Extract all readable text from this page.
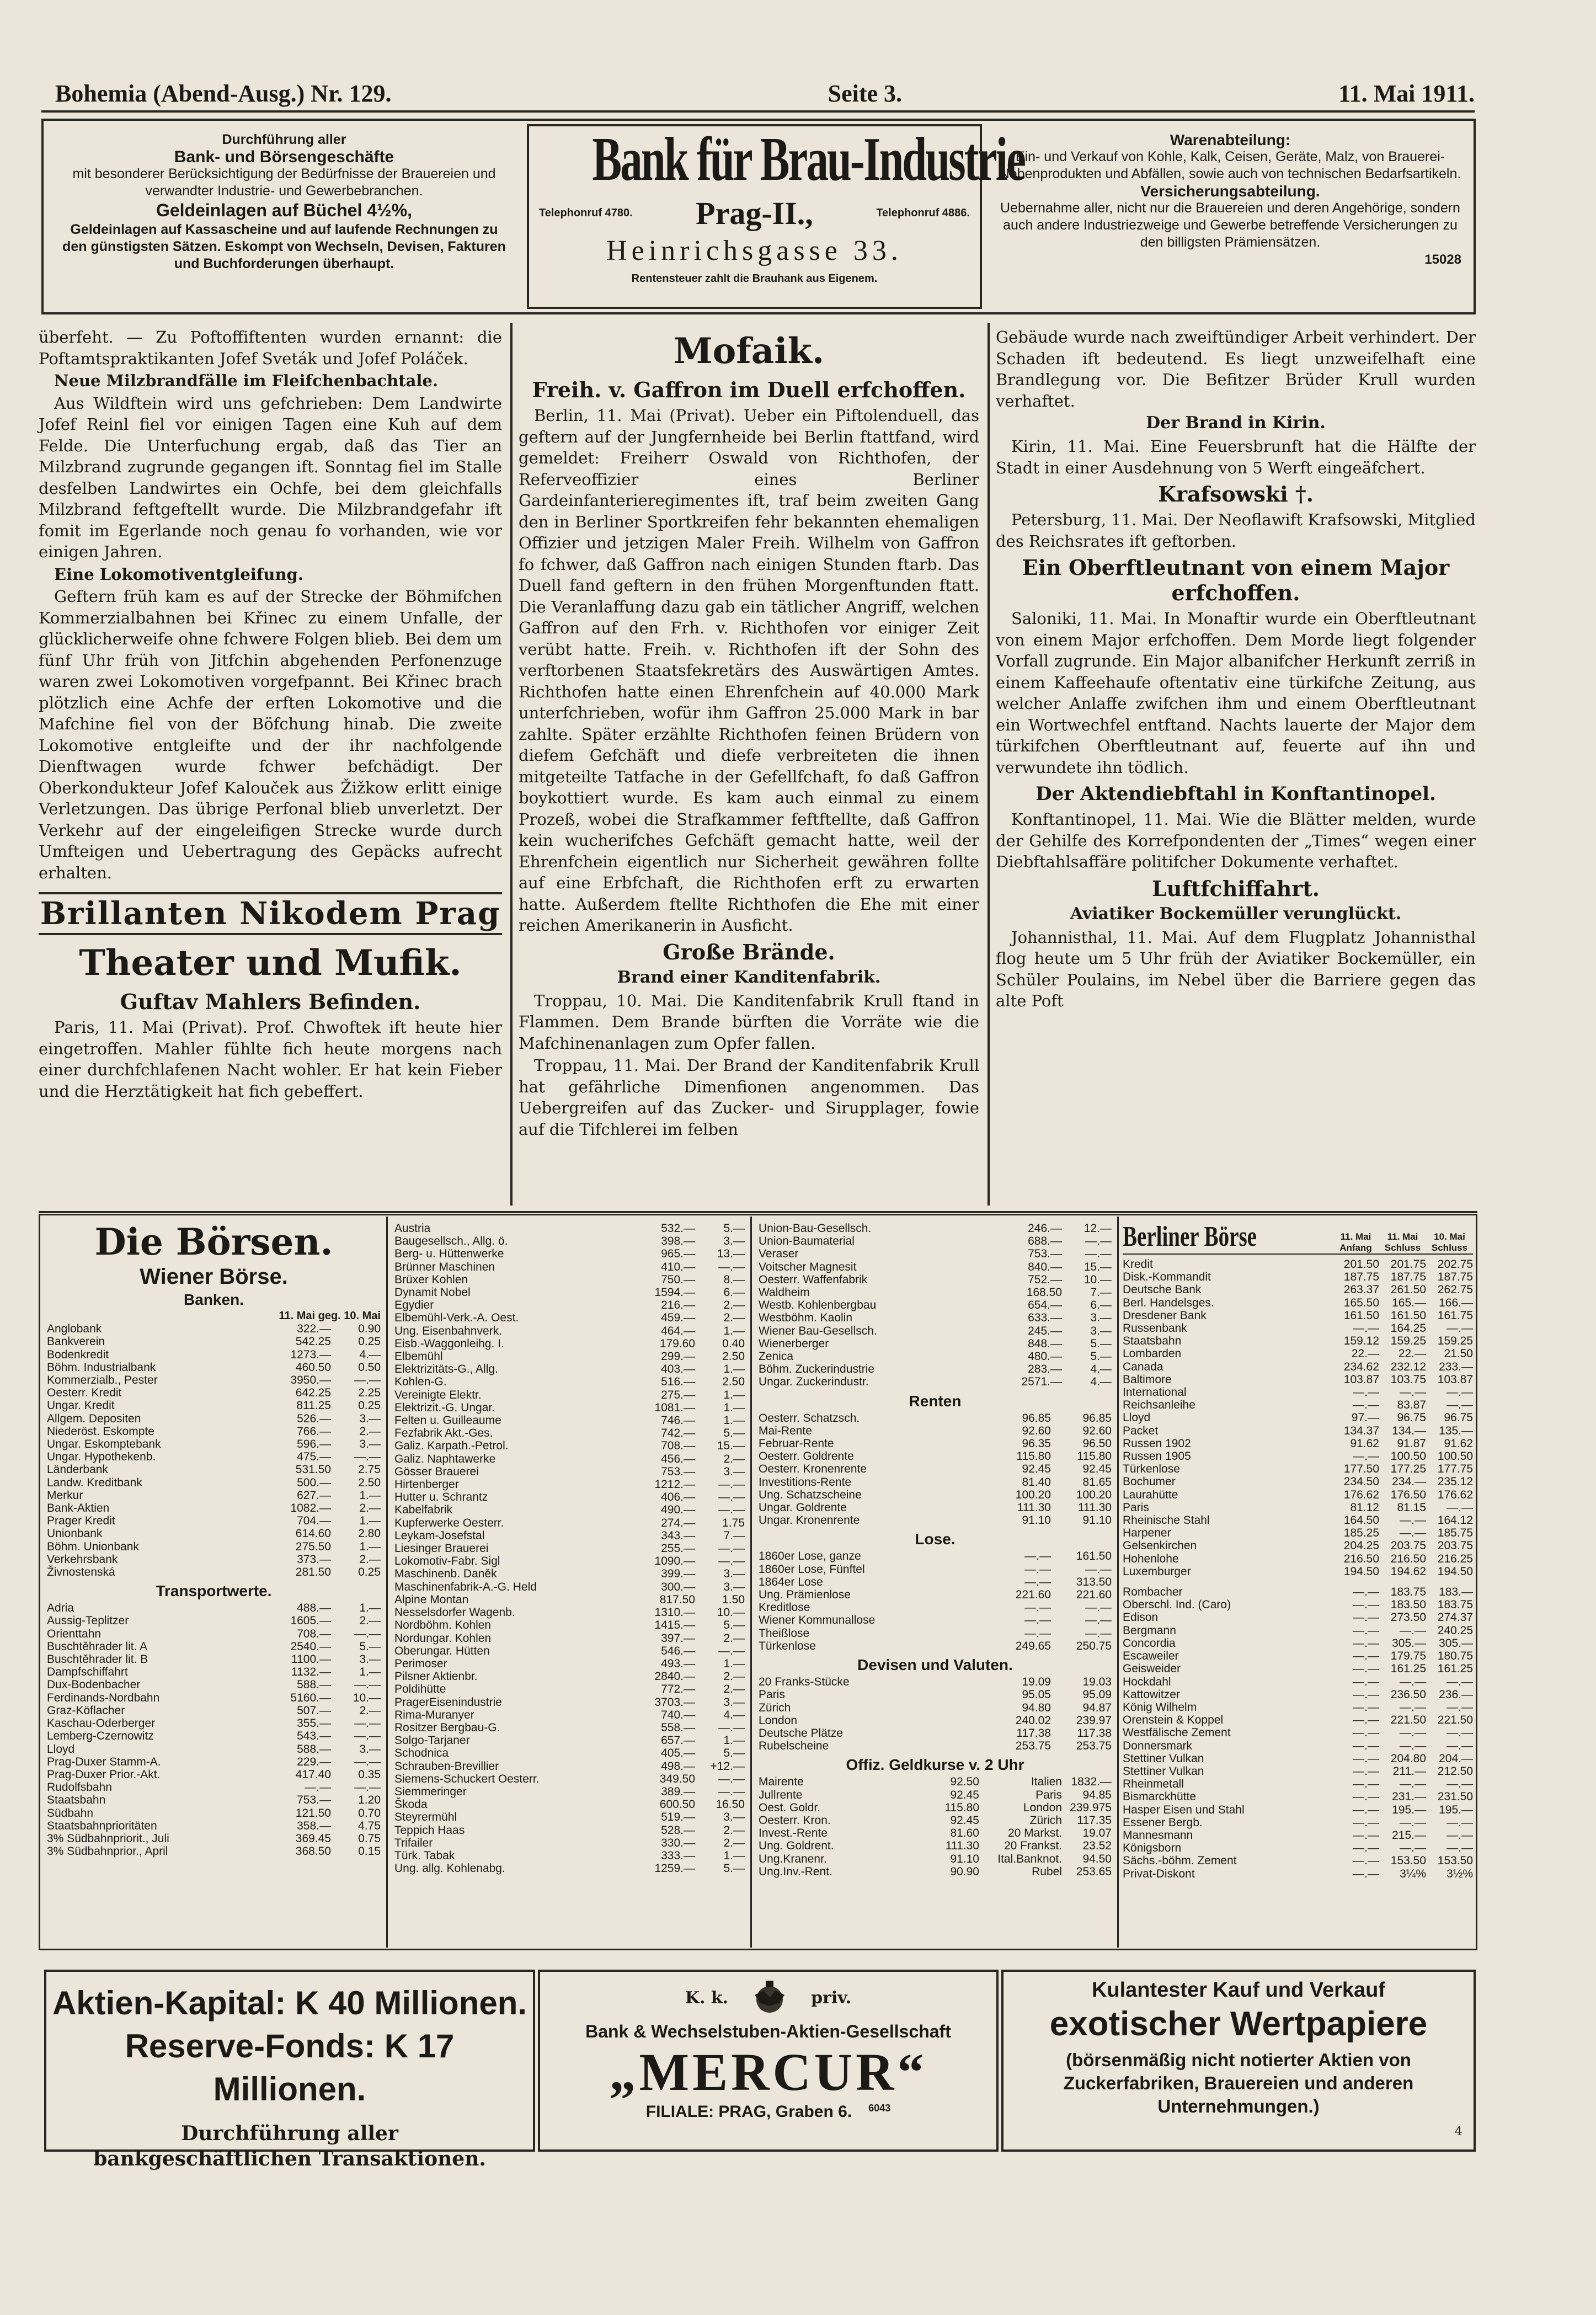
Bohemia (Abend-Ausg.) Nr. 129.	Seite 3.	11. Mai 1911.
Durchführung aller
Bank- und Börsengeschäfte
mit besonderer Berücksichtigung der Bedürfnisse der Brauereien und verwandter Industrie- und Gewerbebranchen.
Geldeinlagen auf Büchel 4½%,
Geldeinlagen auf Kassascheine und auf laufende Rechnungen zu den günstigsten Sätzen. Eskompt von Wechseln, Devisen, Fakturen und Buchforderungen überhaupt.
Bank für Brau-Industrie
Telephonruf 4780. Prag-II.,	Telephonruf 4886.
Heinrichsgasse 33.
Rentensteuer zahlt die Brauhank aus Eigenem.
Warenabteilung:
Ein- und Verkauf von Kohle, Kalk, Ceisen, Geräte, Malz, von Brauerei-Nebenprodukten und Abfällen, sowie auch von technischen Bedarfsartikeln.
Versicherungsabteilung.
Uebernahme aller, nicht nur die Brauereien und deren Angehörige, sondern auch andere Industriezweige und Gewerbe betreffende Versicherungen zu den billigsten Prämiensätzen.
15028

überfeht. — Zu Poftoffiftenten wurden ernannt: die Poftamtspraktikanten Jofef Sveták und Jofef Poláček.

Neue Milzbrandfälle im Fleifchenbachtale.

Aus Wildftein wird uns gefchrieben: Dem Landwirte Jofef Reinl fiel vor einigen Tagen eine Kuh auf dem Felde. Die Unterfuchung ergab, daß das Tier an Milzbrand zugrunde gegangen ift. Sonntag fiel im Stalle desfelben Landwirtes ein Ochfe, bei dem gleichfalls Milzbrand feftgeftellt wurde. Die Milzbrandgefahr ift fomit im Egerlande noch genau fo vorhanden, wie vor einigen Jahren.

Eine Lokomotiventgleifung.

Geftern früh kam es auf der Strecke der Böhmifchen Kommerzialbahnen bei Křinec zu einem Unfalle, der glücklicherweife ohne fchwere Folgen blieb. Bei dem um fünf Uhr früh von Jitfchin abgehenden Perfonenzuge waren zwei Lokomotiven vorgefpannt. Bei Křinec brach plötzlich eine Achfe der erften Lokomotive und die Mafchine fiel von der Böfchung hinab. Die zweite Lokomotive entgleifte und der ihr nachfolgende Dienftwagen wurde fchwer befchädigt. Der Oberkondukteur Jofef Kalouček aus Žižkow erlitt einige Verletzungen. Das übrige Perfonal blieb unverletzt. Der Verkehr auf der eingeleifigen Strecke wurde durch Umfteigen und Uebertragung des Gepäcks aufrecht erhalten.

Brillanten Nikodem Prag
Theater und Mufik.
Guftav Mahlers Befinden.

Paris, 11. Mai (Privat). Prof. Chwoftek ift heute hier eingetroffen. Mahler fühlte fich heute morgens nach einer durchfchlafenen Nacht wohler. Er hat kein Fieber und die Herztätigkeit hat fich gebeffert.

Mofaik.
Freih. v. Gaffron im Duell erfchoffen.

Berlin, 11. Mai (Privat). Ueber ein Piftolenduell, das geftern auf der Jungfernheide bei Berlin ftattfand, wird gemeldet: Freiherr Oswald von Richthofen, der Referveoffizier eines Berliner Gardeinfanterieregimentes ift, traf beim zweiten Gang den in Berliner Sportkreifen fehr bekannten ehemaligen Offizier und jetzigen Maler Freih. Wilhelm von Gaffron fo fchwer, daß Gaffron nach einigen Stunden ftarb. Das Duell fand geftern in den frühen Morgenftunden ftatt. Die Veranlaffung dazu gab ein tätlicher Angriff, welchen Gaffron auf den Frh. v. Richthofen vor einiger Zeit verübt hatte. Freih. v. Richthofen ift der Sohn des verftorbenen Staatsfekretärs des Auswärtigen Amtes. Richthofen hatte einen Ehrenfchein auf 40.000 Mark unterfchrieben, wofür ihm Gaffron 25.000 Mark in bar zahlte. Später erzählte Richthofen feinen Brüdern von diefem Gefchäft und diefe verbreiteten die ihnen mitgeteilte Tatfache in der Gefellfchaft, fo daß Gaffron boykottiert wurde. Es kam auch einmal zu einem Prozeß, wobei die Strafkammer feftftellte, daß Gaffron kein wucherifches Gefchäft gemacht hatte, weil der Ehrenfchein eigentlich nur Sicherheit gewähren follte auf eine Erbfchaft, die Richthofen erft zu erwarten hatte. Außerdem ftellte Richthofen die Ehe mit einer reichen Amerikanerin in Ausficht.

Große Brände.
Brand einer Kanditenfabrik.

Troppau, 10. Mai. Die Kanditenfabrik Krull ftand in Flammen. Dem Brande bürften die Vorräte wie die Mafchinenanlagen zum Opfer fallen.

Troppau, 11. Mai. Der Brand der Kanditenfabrik Krull hat gefährliche Dimenfionen angenommen. Das Uebergreifen auf das Zucker- und Sirupplager, fowie auf die Tifchlerei im felben

Gebäude wurde nach zweiftündiger Arbeit verhindert. Der Schaden ift bedeutend. Es liegt unzweifelhaft eine Brandlegung vor. Die Befitzer Brüder Krull wurden verhaftet.

Der Brand in Kirin.

Kirin, 11. Mai. Eine Feuersbrunft hat die Hälfte der Stadt in einer Ausdehnung von 5 Werft eingeäfchert.

Krafsowski †.

Petersburg, 11. Mai. Der Neoflawift Krafsowski, Mitglied des Reichsrates ift geftorben.

Ein Oberftleutnant von einem Major erfchoffen.

Saloniki, 11. Mai. In Monaftir wurde ein Oberftleutnant von einem Major erfchoffen. Dem Morde liegt folgender Vorfall zugrunde. Ein Major albanifcher Herkunft zerriß in einem Kaffeehaufe oftentativ eine türkifche Zeitung, aus welcher Anlaffe zwifchen ihm und einem Oberftleutnant ein Wortwechfel entftand. Nachts lauerte der Major dem türkifchen Oberftleutnant auf, feuerte auf ihn und verwundete ihn tödlich.

Der Aktendiebftahl in Konftantinopel.

Konftantinopel, 11. Mai. Wie die Blätter melden, wurde der Gehilfe des Korrefpondenten der „Times“ wegen einer Diebftahlsaffäre politifcher Dokumente verhaftet.

Luftfchiffahrt.
Aviatiker Bockemüller verunglückt.

Johannisthal, 11. Mai. Auf dem Flugplatz Johannisthal flog heute um 5 Uhr früh der Aviatiker Bockemüller, ein Schüler Poulains, im Nebel über die Barriere gegen das alte Poft

Die Börsen.
Wiener Börse.
Banken.
11. Mai geg. 10. Mai
Anglobank	322.—	0.90
Bankverein	542.25	0.25
Bodenkredit	1273.—	4.—
Böhm. Industrialbank	460.50	0.50
Kommerzialb., Pester	3950.—	—.—
Oesterr. Kredit	642.25	2.25
Ungar. Kredit	811.25	0.25
Allgem. Depositen	526.—	3.—
Niederöst. Eskompte	766.—	2.—
Ungar. Eskomptebank	596.—	3.—
Ungar. Hypothekenb.	475.—	—.—
Länderbank	531.50	2.75
Landw. Kreditbank	500.—	2.50
Merkur	627.—	1.—
Bank-Aktien	1082.—	2.—
Prager Kredit	704.—	1.—
Unionbank	614.60	2.80
Böhm. Unionbank	275.50	1.—
Verkehrsbank	373.—	2.—
Živnostenská	281.50	0.25
Transportwerte.
Adria	488.—	1.—
Aussig-Teplitzer	1605.—	2.—
Orienttahn	708.—	—.—
Buschtěhrader lit. A	2540.—	5.—
Buschtěhrader lit. B	1100.—	3.—
Dampfschiffahrt	1132.—	1.—
Dux-Bodenbacher	588.—	—.—
Ferdinands-Nordbahn	5160.—	10.—
Graz-Köflacher	507.—	2.—
Kaschau-Oderberger	355.—	—.—
Lemberg-Czernowitz	543.—	—.—
Lloyd	588.—	3.—
Prag-Duxer Stamm-A.	229.—	—.—
Prag-Duxer Prior.-Akt.	417.40	0.35
Rudolfsbahn	—.—	—.—
Staatsbahn	753.—	1.20
Südbahn	121.50	0.70
Staatsbahnprioritäten	358.—	4.75
3% Südbahnpriorit., Juli	369.45	0.75
3% Südbahnprior., April	368.50	0.15
Austria	532.—	5.—
Baugesellsch., Allg. ö.	398.—	3.—
Berg- u. Hüttenwerke	965.—	13.—
Brünner Maschinen	410.—	—.—
Brüxer Kohlen	750.—	8.—
Dynamit Nobel	1594.—	6.—
Egydier	216.—	2.—
Elbemühl-Verk.-A. Oest.	459.—	2.—
Ung. Eisenbahnverk.	464.—	1.—
Eisb.-Waggonleihg. I.	179.60	0.40
Elbemühl	299.—	2.50
Elektrizitäts-G., Allg.	403.—	1.—
Kohlen-G.	516.—	2.50
Vereinigte Elektr.	275.—	1.—
Elektrizit.-G. Ungar.	1081.—	1.—
Felten u. Guilleaume	746.—	1.—
Fezfabrik Akt.-Ges.	742.—	5.—
Galiz. Karpath.-Petrol.	708.—	15.—
Galiz. Naphtawerke	456.—	2.—
Gösser Brauerei	753.—	3.—
Hirtenberger	1212.—	—.—
Hutter u. Schrantz	406.—	—.—
Kabelfabrik	490.—	—.—
Kupferwerke Oesterr.	274.—	1.75
Leykam-Josefstal	343.—	7.—
Liesinger Brauerei	255.—	—.—
Lokomotiv-Fabr. Sigl	1090.—	—.—
Maschinenb. Daněk	399.—	3.—
Maschinenfabrik-A.-G. Held	300.—	3.—
Alpine Montan	817.50	1.50
Nesselsdorfer Wagenb.	1310.—	10.—
Nordböhm. Kohlen	1415.—	5.—
Nordungar. Kohlen	397.—	2.—
Oberungar. Hütten	546.—	—.—
Perimoser	493.—	1.—
Pilsner Aktienbr.	2840.—	2.—
Poldihütte	772.—	2.—
PragerEisenindustrie	3703.—	3.—
Rima-Muranyer	740.—	4.—
Rositzer Bergbau-G.	558.—	—.—
Solgo-Tarjaner	657.—	1.—
Schodnica	405.—	5.—
Schrauben-Brevillier	498.—	+12.—
Siemens-Schuckert Oesterr.	349.50	—.—
Siemmeringer	389.—	—.—
Škoda	600.50	16.50
Steyrermühl	519.—	3.—
Teppich Haas	528.—	2.—
Trifailer	330.—	2.—
Türk. Tabak	333.—	1.—
Ung. allg. Kohlenabg.	1259.—	5.—
Union-Bau-Gesellsch.	246.—	12.—
Union-Baumaterial	688.—	—.—
Veraser	753.—	—.—
Voitscher Magnesit	840.—	15.—
Oesterr. Waffenfabrik	752.—	10.—
Waldheim	168.50	7.—
Westb. Kohlenbergbau	654.—	6.—
Westböhm. Kaolin	633.—	3.—
Wiener Bau-Gesellsch.	245.—	3.—
Wienerberger	848.—	5.—
Zenica	480.—	5.—
Böhm. Zuckerindustrie	283.—	4.—
Ungar. Zuckerindustr.	2571.—	4.—
Renten
Oesterr. Schatzsch.	96.85	96.85
Mai-Rente	92.60	92.60
Februar-Rente	96.35	96.50
Oesterr. Goldrente	115.80	115.80
Oesterr. Kronenrente	92.45	92.45
Investitions-Rente	81.40	81.65
Ung. Schatzscheine	100.20	100.20
Ungar. Goldrente	111.30	111.30
Ungar. Kronenrente	91.10	91.10
Lose.
1860er Lose, ganze	—.—	161.50
1860er Lose, Fünftel	—.—	—.—
1864er Lose	—.—	313.50
Ung. Prämienlose	221.60	221.60
Kreditlose	—.—	—.—
Wiener Kommunallose	—.—	—.—
Theißlose	—.—	—.—
Türkenlose	249.65	250.75
Devisen und Valuten.
20 Franks-Stücke	19.09	19.03
Paris	95.05	95.09
Zürich	94.80	94.87
London	240.02	239.97
Deutsche Plätze	117.38	117.38
Rubelscheine	253.75	253.75
Offiz. Geldkurse v. 2 Uhr
Mairente	92.50	Italien 1832.—
Jullrente	92.45	Paris	94.85
Oest. Goldr.	115.80	London 239.975
Oesterr. Kron.	92.45	Zürich	117.35
Invest.-Rente	81.60	20 Markst.	19.07
Ung. Goldrent.	111.30	20 Frankst.	23.52
Ung.Kranenr.	91.10	Ital.Banknot.	94.50
Ung.Inv.-Rent.	90.90	Rubel	253.65
Berliner Börse	11. Mai Anfang
11. Mai Schluss
10. Mai Schluss
Kredit	201.50 201.75 202.75
Disk.-Kommandit	187.75 187.75 187.75
Deutsche Bank	263.37 261.50 262.75
Berl. Handelsges.	165.50	165.—	166.—
Dresdener Bank	161.50 161.50 161.75
Russenbank	—.— 164.25	—.—
Staatsbahn	159.12 159.25 159.25
Lombarden	22.—	22.—	21.50
Canada	234.62 232.12	233.—
Baltimore	103.87 103.75 103.87
International	—.—	—.—	—.—
Reichsanleihe	—.—	83.87	—.—
Lloyd	97.—	96.75	96.75
Packet	134.37	134.—	135.—
Russen 1902	91.62	91.87	91.62
Russen 1905	—.— 100.50 100.50
Türkenlose	177.50 177.25 177.75
Bochumer	234.50	234.— 235.12
Laurahütte	176.62 176.50 176.62
Paris	81.12	81.15	—.—
Rheinische Stahl	164.50	—.— 164.12
Harpener	185.25	—.— 185.75
Gelsenkirchen	204.25 203.75 203.75
Hohenlohe	216.50 216.50 216.25
Luxemburger	194.50 194.62 194.50
Rombacher	—.— 183.75	183.—
Oberschl. Ind. (Caro)	—.— 183.50 183.75
Edison	—.— 273.50 274.37
Bergmann	—.—	—.— 240.25
Concordia	—.—	305.—	305.—
Escaweiler	—.— 179.75 180.75
Geisweider	—.— 161.25 161.25
Hockdahl	—.—	—.—	—.—
Kattowitzer	—.— 236.50	236.—
König Wilhelm	—.—	—.—	—.—
Orenstein & Koppel	—.— 221.50 221.50
Westfälische Zement	—.—	—.—	—.—
Donnersmark	—.—	—.—	—.—
Stettiner Vulkan	—.— 204.80	204.—
Stettiner Vulkan	—.—	211.— 212.50
Rheinmetall	—.—	—.—	—.—
Bismarckhütte	—.—	231.— 231.50
Hasper Eisen und Stahl	—.—	195.—	195.—
Essener Bergb.	—.—	—.—	—.—
Mannesmann	—.—	215.—	—.—
Königsborn	—.—	—.—	—.—
Sächs.-böhm. Zement	—.— 153.50 153.50
Privat-Diskont	—.—	3¼%	3½%
Aktien-Kapital: K 40 Millionen.
Reserve-Fonds: K 17 Millionen.
Durchführung aller bankgeschäftlichen Transaktionen.
K. k.	priv.
Bank & Wechselstuben-Aktien-Gesellschaft
„MERCUR“
FILIALE: PRAG, Graben 6. 6043
Kulantester Kauf und Verkauf
exotischer Wertpapiere
(börsenmäßig nicht notierter Aktien von Zuckerfabriken, Brauereien und anderen Unternehmungen.)
4
